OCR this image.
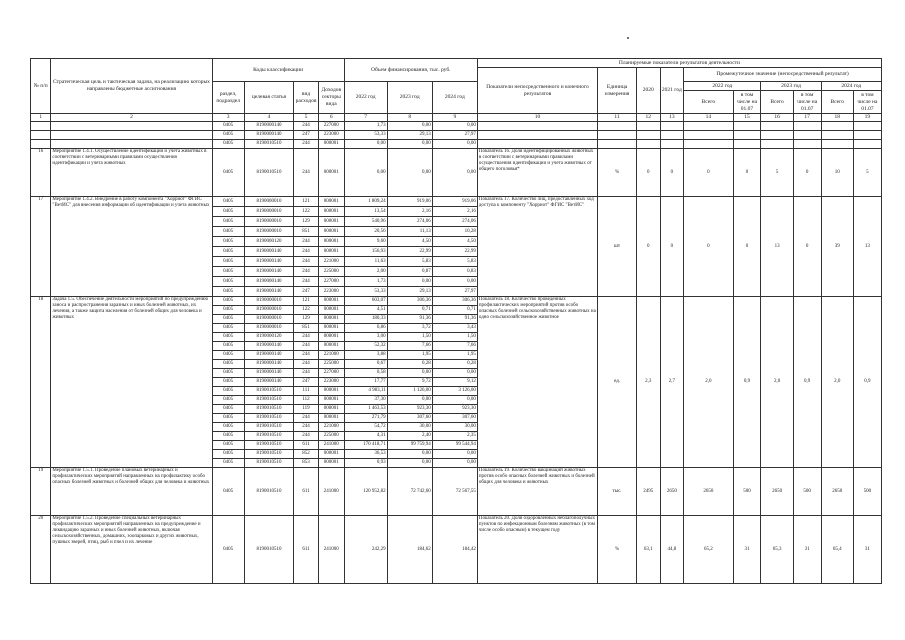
№ п/п	Стратегическая цель и тактическая задача, на реализацию которых направлены бюджетные ассигнования	Коды классификации				Объем финансирования, тыс. руб.			Планируемые показатели результатов деятельности									
									Показатели непосредственного и конечного результатов	Единица измерения	2020	2021 год	Промежуточное значение (непосредственный результат)					
		раздел, подраздел	целевая статья	вид расходов	Доходов секторы вида	2022 год	2023 год	2024 год					2022 год		2023 год		2024 год	
													Всего	в том числе на 01.07	Всего	в том числе на 01.07	Всего	в том числе на 01.07

1	2	3	4	5	6	7	8	9	10	11	12	13	14	15	16	17	18	19
		0405	8190000140	244	227000	1,73	0,00	0,00										
		0405	8190000140	247	223000	53,33	29,13	27,97										
		0405	8190010510	244	000001	0,00	0,00	0,00										
16	Мероприятие 1.4.1. Осуществление идентификации и учета животных в соответствии с ветеринарными правилами осуществления идентификации и учета животных	0405	8190010510	244	000001	0,00	0,00	0,00	Показатель 16. Доля идентифицированных животных в соответствии с ветеринарными правилами осуществления идентификации и учета животных от общего поголовья*	%	0	0	0	0	5	0	10	5
17	Мероприятие 1.4.2. Внедрение в работу компонента "Хорриот" ФГИС "ВетИС" для внесения информации об идентификации и учета животных	0405	8190000010	121	000001	1 809,24	919,06	919,06	Показатель 17. Количество лиц, предоставленных ход доступа к компоненту "Хорриот" ФГИС "ВетИС"	шт	0	0	0	0	13	0	39	13
		0405	8190000010	122	000001	13,54	2,16	2,16										
		0405	8190000010	129	000001	540,96	274,06	274,06										
		0405	8190000010	851	000001	20,56	11,13	10,28										
		0405	8190000120	244	000001	9,60	4,50	4,50										
		0405	8190000140	244	000001	156,93	22,99	22,99										
		0405	8190000140	244	221000	11,63	5,83	5,83										
		0405	8190000140	244	225000	2,00	0,87	0,83										
		0405	8190000140	244	227000	1,73	0,00	0,00										
		0405	8190000140	247	223000	53,33	29,13	27,97										
18	Задача 1.5. Обеспечение деятельности мероприятий по предупреждению заноса и распространения заразных и иных болезней животных, их лечения, а также защита населения от болезней общих для человека и животных	0405	8190000010	121	000001	603,07	306,36	306,36	Показатель 18. Количество проведенных профилактических мероприятий против особо опасных болезней сельскохозяйственных животных на одно сельскохозяйственное животное	ед.	2,3	2,7	2,0	0,9	2,0	0,9	2,0	0,9
		0405	8190000010	122	000001	4,51	0,71	0,71										
		0405	8190000010	129	000001	180,33	91,36	91,36										
		0405	8190000010	851	000001	6,86	3,72	3,43										
		0405	8190000120	244	000001	3,00	1,50	1,50										
		0405	8190000140	244	000001	52,32	7,66	7,66										
		0405	8190000140	244	221000	3,88	1,95	1,95										
		0405	8190000140	244	225000	0,67	0,28	0,28										
		0405	8190000140	244	227000	0,58	0,00	0,00										
		0405	8190000140	247	223000	17,77	9,72	9,12										
		0405	8190010510	111	000001	4 983,11	1 126,00	3 126,00										
		0405	8190010510	112	000001	37,30	0,00	0,00										
		0405	8190010510	119	000001	1 463,53	923,30	923,30										
		0405	8190010510	244	000001	271,79	307,60	307,60										
		0405	8190010510	244	221000	54,72	30,00	30,00										
		0405	8190010510	244	225000	4,31	2,40	2,35										
		0405	8190010510	611	241000	170 418,71	99 759,94	99 544,94										
		0405	8190010510	852	000001	36,53	0,00	0,00										
		0405	8190010510	853	000001	0,93	0,00	0,00										
19	Мероприятие 1.5.1. Проведение плановых ветеринарных и профилактических мероприятий направленных на профилактику особо опасных болезней животных и болезней общих для человека и животных	0405	8190010510	611	241000	120 952,82	72 742,60	72 567,55	Показатель 19. Количество вакцинаций животных против особо опасных болезней животных и болезней общих для человека и животных	тыс.	2495	2650	2650	500	2650	500	2650	500
20	Мероприятие 1.5.2. Проведение специальных ветеринарных профилактических мероприятий направленных на предупреждение и ликвидацию заразных и иных болезней животных, включая сельскохозяйственных, домашних, зоопарковых и других животных, пушных зверей, птиц, рыб и пчел и их лечение	0405	8190010510	611	241000	242,29	184,62	184,42	Показатель 20. Доля оздоровленных неблагополучных пунктов по инфекционным болезням животных (в том числе особо опасным) в текущем году	%	63,1	44,8	65,2	31	65,3	31	65,4	31
